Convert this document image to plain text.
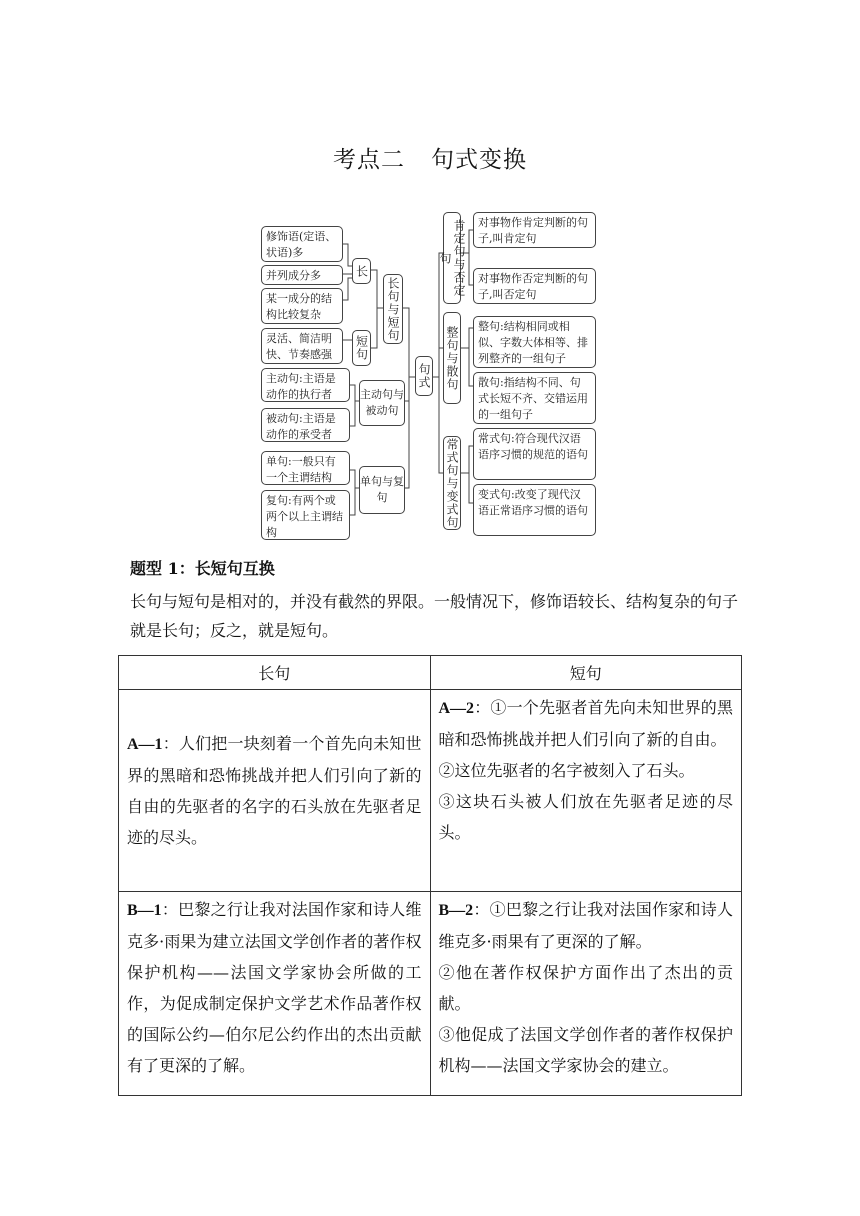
考点二 句式变换
修饰语(定语、状语)多
并列成分多
某一成分的结构比较复杂
灵活、简洁明快、节奏感强
长
短句
长句与短句
主动句:主语是动作的执行者
被动句:主语是动作的承受者
主动句与被动句
单句:一般只有一个主谓结构
复句:有两个或两个以上主谓结构
单句与复句
句式
肯定句与否定句
整句与散句
常式句与变式句
对事物作肯定判断的句子,叫肯定句
对事物作否定判断的句子,叫否定句
整句:结构相同或相似、字数大体相等、排列整齐的一组句子
散句:指结构不同、句式长短不齐、交错运用的一组句子
常式句:符合现代汉语语序习惯的规范的语句
变式句:改变了现代汉语正常语序习惯的语句
题型 1：长短句互换
长句与短句是相对的，并没有截然的界限。一般情况下，修饰语较长、结构复杂的句子就是长句；反之，就是短句。
长句	短句
A—1：人们把一块刻着一个首先向未知世界的黑暗和恐怖挑战并把人们引向了新的自由的先驱者的名字的石头放在先驱者足迹的尽头。	A—2：①一个先驱者首先向未知世界的黑暗和恐怖挑战并把人们引向了新的自由。
②这位先驱者的名字被刻入了石头。
③这块石头被人们放在先驱者足迹的尽头。

B—1：巴黎之行让我对法国作家和诗人维克多·雨果为建立法国文学创作者的著作权保护机构——法国文学家协会所做的工作，为促成制定保护文学艺术作品著作权的国际公约—伯尔尼公约作出的杰出贡献有了更深的了解。	B—2：①巴黎之行让我对法国作家和诗人维克多·雨果有了更深的了解。
②他在著作权保护方面作出了杰出的贡献。
③他促成了法国文学创作者的著作权保护机构——法国文学家协会的建立。
